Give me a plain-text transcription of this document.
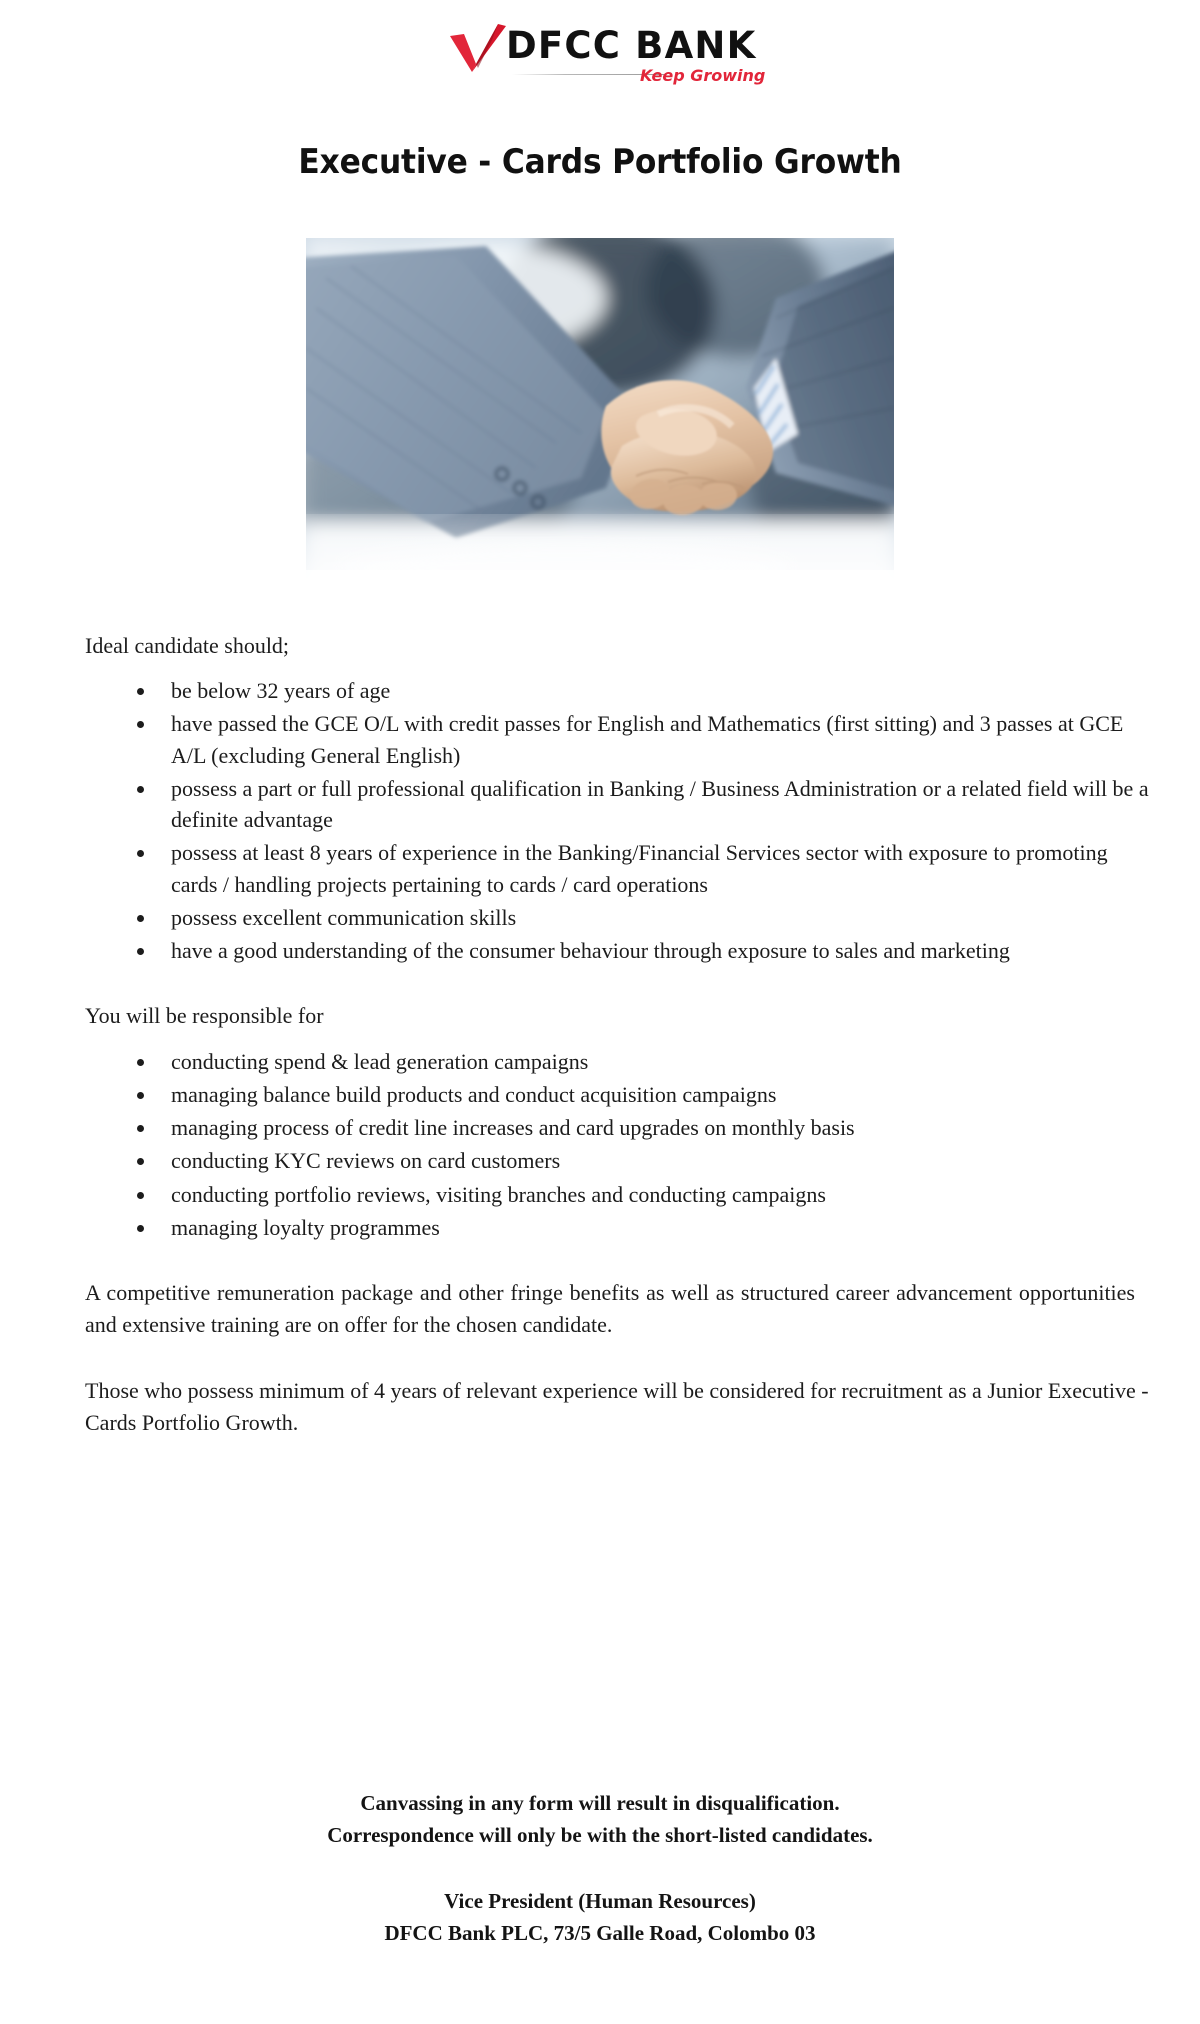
DFCC BANK
Keep Growing
Executive - Cards Portfolio Growth
Ideal candidate should;
be below 32 years of age
have passed the GCE O/L with credit passes for English and Mathematics (first sitting) and 3 passes at GCE A/L (excluding General English)
possess a part or full professional qualification in Banking / Business Administration or a related field will be a definite advantage
possess at least 8 years of experience in the Banking/Financial Services sector with exposure to promoting cards / handling projects pertaining to cards / card operations
possess excellent communication skills
have a good understanding of the consumer behaviour through exposure to sales and marketing
You will be responsible for
conducting spend & lead generation campaigns
managing balance build products and conduct acquisition campaigns
managing process of credit line increases and card upgrades on monthly basis
conducting KYC reviews on card customers
conducting portfolio reviews, visiting branches and conducting campaigns
managing loyalty programmes
A competitive remuneration package and other fringe benefits as well as structured career advancement opportunities and extensive training are on offer for the chosen candidate.
Those who possess minimum of 4 years of relevant experience will be considered for recruitment as a Junior Executive - Cards Portfolio Growth.
Canvassing in any form will result in disqualification.
Correspondence will only be with the short-listed candidates.
Vice President (Human Resources)
DFCC Bank PLC, 73/5 Galle Road, Colombo 03
